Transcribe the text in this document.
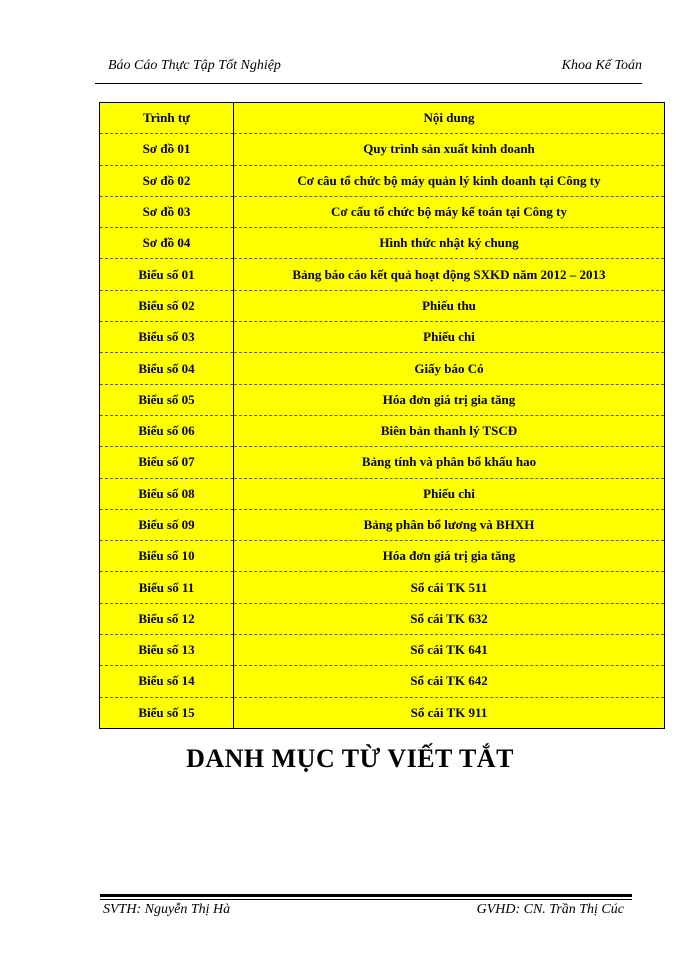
Báo Cáo Thực Tập Tốt Nghiệp	Khoa Kế Toán
Trình tự	Nội dung
Sơ đồ 01	Quy trình sản xuất kinh doanh
Sơ đồ 02	Cơ câu tổ chức bộ máy quản lý kinh doanh tại Công ty
Sơ đồ 03	Cơ cấu tổ chức bộ máy kế toán tại Công ty
Sơ đồ 04	Hình thức nhật ký chung
Biểu số 01	Bảng báo cáo kết quả hoạt động SXKD năm 2012 – 2013
Biểu số 02	Phiếu thu
Biểu số 03	Phiếu chi
Biểu số 04	Giấy báo Có
Biểu số 05	Hóa đơn giá trị gia tăng
Biểu số 06	Biên bản thanh lý TSCĐ
Biểu số 07	Bảng tính và phân bổ khấu hao
Biểu số 08	Phiếu chi
Biểu số 09	Bảng phân bổ lương và BHXH
Biểu số 10	Hóa đơn giá trị gia tăng
Biểu số 11	Sổ cái TK 511
Biểu số 12	Sổ cái TK 632
Biểu số 13	Sổ cái TK 641
Biểu số 14	Sổ cái TK 642
Biểu số 15	Sổ cái TK 911
DANH MỤC TỪ VIẾT TẮT
SVTH: Nguyễn Thị Hà	GVHD: CN. Trần Thị Cúc
